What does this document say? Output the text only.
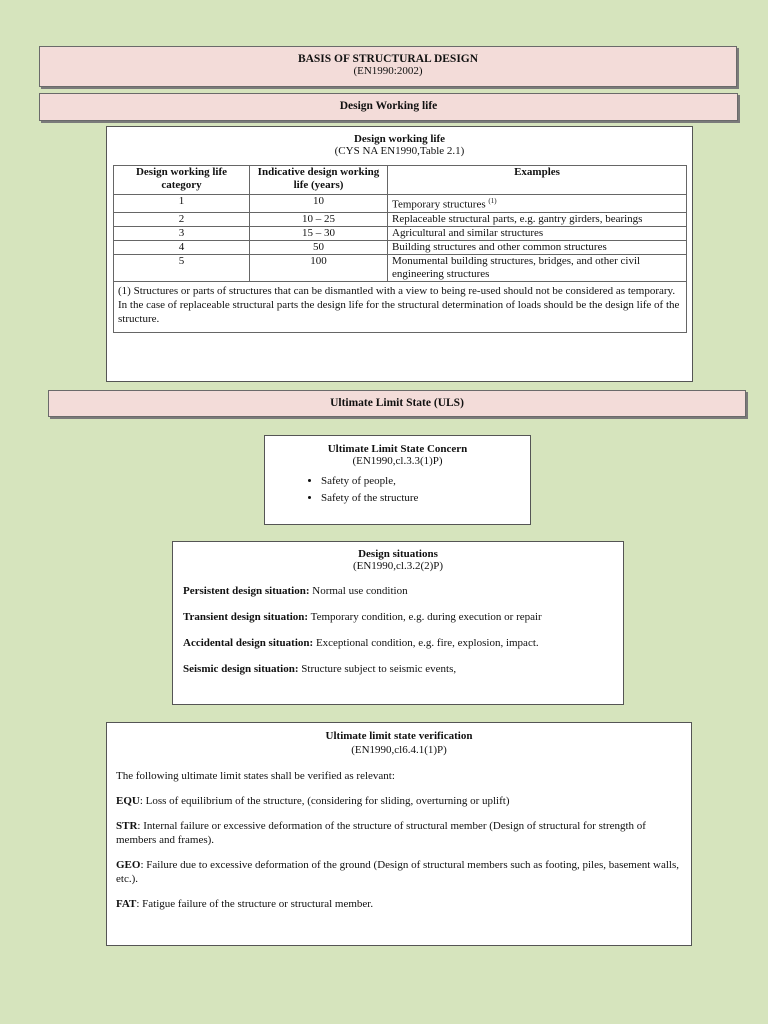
BASIS OF STRUCTURAL DESIGN
(EN1990:2002)
Design Working life
Design working life
(CYS NA EN1990,Table 2.1)
Design working life category	Indicative design working life (years)	Examples
1	10	Temporary structures $^{(1)}$
2	10 – 25	Replaceable structural parts, e.g. gantry girders, bearings
3	15 – 30	Agricultural and similar structures
4	50	Building structures and other common structures
5	100	Monumental building structures, bridges, and other civil engineering structures

(1) Structures or parts of structures that can be dismantled with a view to being re-used should not be considered as temporary.
In the case of replaceable structural parts the design life for the structural determination of loads should be the design life of the structure.		
Ultimate Limit State (ULS)
Ultimate Limit State Concern
(EN1990,cl.3.3(1)P)
• Safety of people,
• Safety of the structure
Design situations
(EN1990,cl.3.2(2)P)

Persistent design situation: Normal use condition

Transient design situation: Temporary condition, e.g. during execution or repair

Accidental design situation: Exceptional condition, e.g. fire, explosion, impact.

Seismic design situation: Structure subject to seismic events,

Ultimate limit state verification
(EN1990,cl6.4.1(1)P)

The following ultimate limit states shall be verified as relevant:

EQU: Loss of equilibrium of the structure, (considering for sliding, overturning or uplift)

STR: Internal failure or excessive deformation of the structure of structural member (Design of structural for strength of members and frames).

GEO: Failure due to excessive deformation of the ground (Design of structural members such as footing, piles, basement walls, etc.).

FAT: Fatigue failure of the structure or structural member.
